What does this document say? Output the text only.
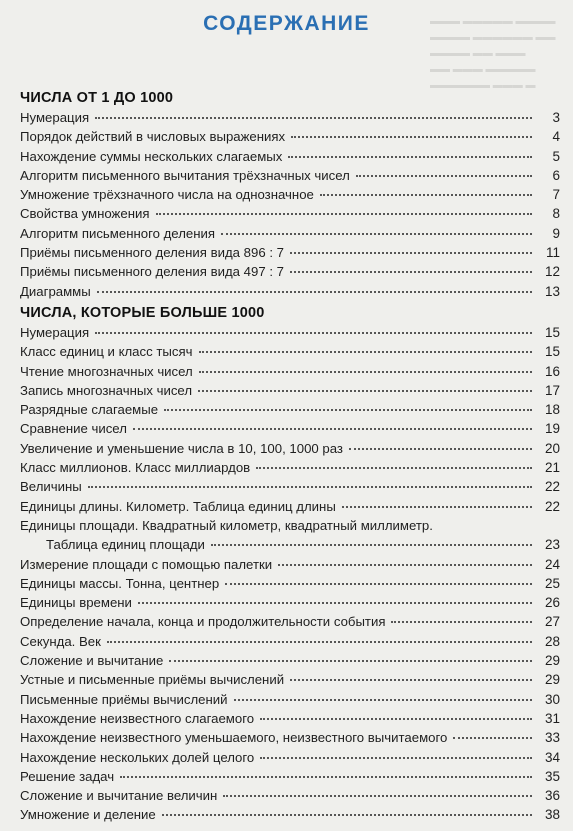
▬▬▬ ▬▬▬▬▬ ▬▬▬▬
▬▬▬▬ ▬▬▬▬▬▬ ▬▬
▬▬▬▬ ▬▬ ▬▬▬
▬▬ ▬▬▬ ▬▬▬▬▬
▬▬▬▬▬▬ ▬▬▬ ▬
СОДЕРЖАНИЕ
ЧИСЛА ОТ 1 ДО 1000
Нумерация	3
Порядок действий в числовых выражениях	4
Нахождение суммы нескольких слагаемых	5
Алгоритм письменного вычитания трёхзначных чисел	6
Умножение трёхзначного числа на однозначное	7
Свойства умножения	8
Алгоритм письменного деления	9
Приёмы письменного деления вида 896 : 7	11
Приёмы письменного деления вида 497 : 7	12
Диаграммы	13
ЧИСЛА, КОТОРЫЕ БОЛЬШЕ 1000
Нумерация	15
Класс единиц и класс тысяч	15
Чтение многозначных чисел	16
Запись многозначных чисел	17
Разрядные слагаемые	18
Сравнение чисел	19
Увеличение и уменьшение числа в 10, 100, 1000 раз	20
Класс миллионов. Класс миллиардов	21
Величины	22
Единицы длины. Километр. Таблица единиц длины	22
Единицы площади. Квадратный километр, квадратный миллиметр.
Таблица единиц площади	23
Измерение площади с помощью палетки	24
Единицы массы. Тонна, центнер	25
Единицы времени	26
Определение начала, конца и продолжительности события	27
Секунда. Век	28
Сложение и вычитание	29
Устные и письменные приёмы вычислений	29
Письменные приёмы вычислений	30
Нахождение неизвестного слагаемого	31
Нахождение неизвестного уменьшаемого, неизвестного вычитаемого	33
Нахождение нескольких долей целого	34
Решение задач	35
Сложение и вычитание величин	36
Умножение и деление	38
